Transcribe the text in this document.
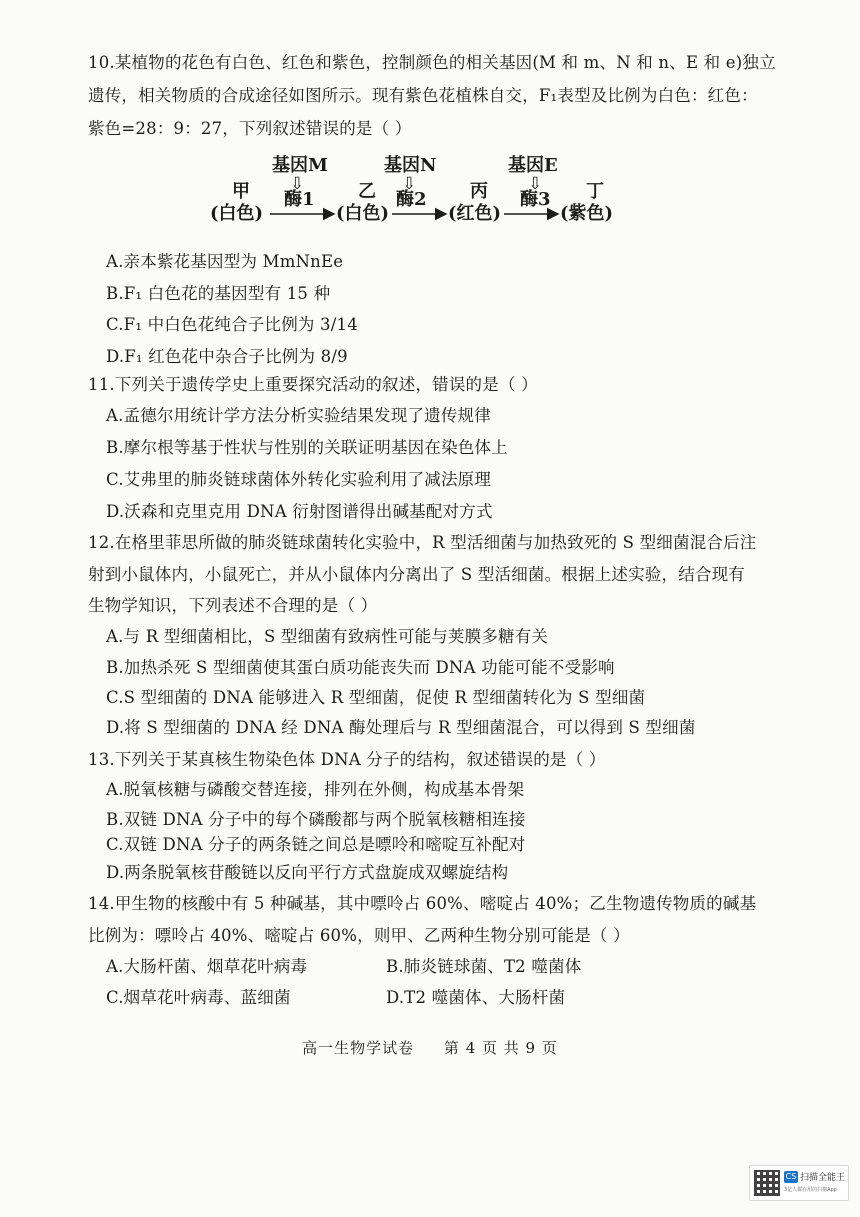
10.某植物的花色有白色、红色和紫色，控制颜色的相关基因(M 和 m、N 和 n、E 和 e)独立
遗传，相关物质的合成途径如图所示。现有紫色花植株自交，F₁表型及比例为白色：红色：
紫色=28：9：27，下列叙述错误的是（ ）
基因M	基因N	基因E
⇩	⇩	⇩
酶1	酶2	酶3
甲	乙	丙	丁
(白色)	(白色)	(红色)	(紫色)
A.亲本紫花基因型为 MmNnEe
B.F₁ 白色花的基因型有 15 种
C.F₁ 中白色花纯合子比例为 3/14
D.F₁ 红色花中杂合子比例为 8/9
11.下列关于遗传学史上重要探究活动的叙述，错误的是（ ）
A.孟德尔用统计学方法分析实验结果发现了遗传规律
B.摩尔根等基于性状与性别的关联证明基因在染色体上
C.艾弗里的肺炎链球菌体外转化实验利用了减法原理
D.沃森和克里克用 DNA 衍射图谱得出碱基配对方式
12.在格里菲思所做的肺炎链球菌转化实验中，R 型活细菌与加热致死的 S 型细菌混合后注
射到小鼠体内，小鼠死亡，并从小鼠体内分离出了 S 型活细菌。根据上述实验，结合现有
生物学知识，下列表述不合理的是（ ）
A.与 R 型细菌相比，S 型细菌有致病性可能与荚膜多糖有关
B.加热杀死 S 型细菌使其蛋白质功能丧失而 DNA 功能可能不受影响
C.S 型细菌的 DNA 能够进入 R 型细菌，促使 R 型细菌转化为 S 型细菌
D.将 S 型细菌的 DNA 经 DNA 酶处理后与 R 型细菌混合，可以得到 S 型细菌
13.下列关于某真核生物染色体 DNA 分子的结构，叙述错误的是（ ）
A.脱氧核糖与磷酸交替连接，排列在外侧，构成基本骨架
B.双链 DNA 分子中的每个磷酸都与两个脱氧核糖相连接
C.双链 DNA 分子的两条链之间总是嘌呤和嘧啶互补配对
D.两条脱氧核苷酸链以反向平行方式盘旋成双螺旋结构
14.甲生物的核酸中有 5 种碱基，其中嘌呤占 60%、嘧啶占 40%；乙生物遗传物质的碱基
比例为：嘌呤占 40%、嘧啶占 60%，则甲、乙两种生物分别可能是（ ）
A.大肠杆菌、烟草花叶病毒	B.肺炎链球菌、T2 噬菌体
C.烟草花叶病毒、蓝细菌	D.T2 噬菌体、大肠杆菌
高一生物学试卷 第 4 页 共 9 页
CS 扫描全能王
3亿人都在用的扫描App
